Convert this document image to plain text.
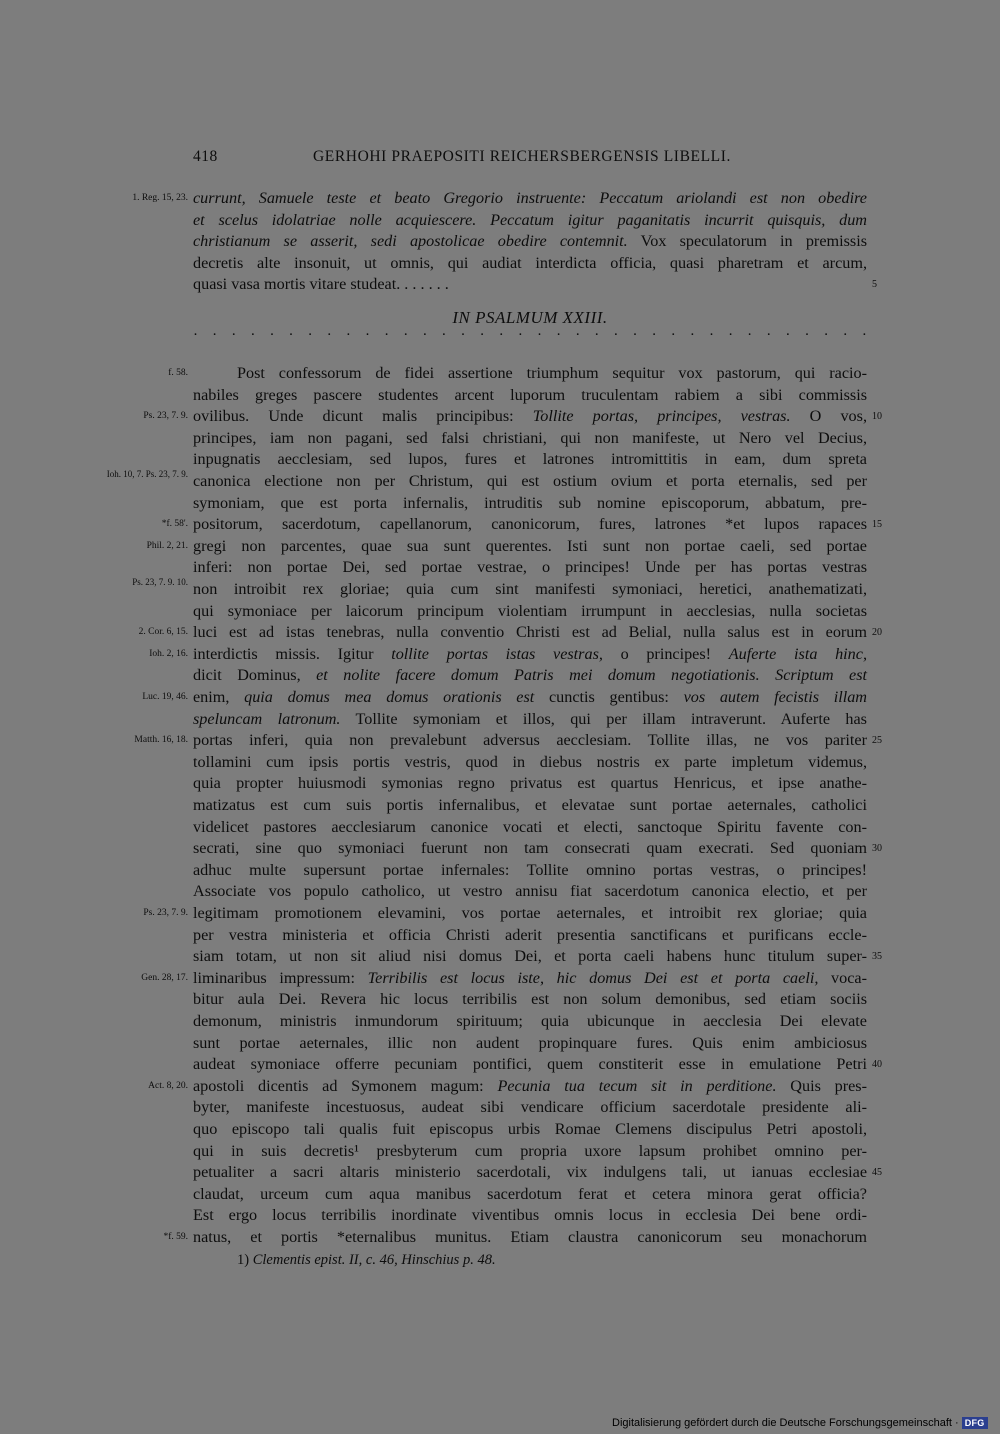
418	GERHOHI PRAEPOSITI REICHERSBERGENSIS LIBELLI.
IN PSALMUM XXIII.
· · · · · · · · · · · · · · · · · · · · · · · · · · · · · · · · · · · ·
currunt, Samuele teste et beato Gregorio instruente: Peccatum ariolandi est non obedire
1. Reg. 15, 23.
et scelus idolatriae nolle acquiescere. Peccatum igitur paganitatis incurrit quisquis, dum
christianum se asserit, sedi apostolicae obedire contemnit. Vox speculatorum in premissis
decretis alte insonuit, ut omnis, qui audiat interdicta officia, quasi pharetram et arcum,
quasi vasa mortis vitare studeat. . . . . . .	5
Post confessorum de fidei assertione triumphum sequitur vox pastorum, qui racio-
f. 58.
nabiles greges pascere studentes arcent luporum truculentam rabiem a sibi commissis
ovilibus. Unde dicunt malis principibus: Tollite portas, principes, vestras. O vos,
Ps. 23, 7. 9.	10
principes, iam non pagani, sed falsi christiani, qui non manifeste, ut Nero vel Decius,
inpugnatis aecclesiam, sed lupos, fures et latrones intromittitis in eam, dum spreta
canonica electione non per Christum, qui est ostium ovium et porta eternalis, sed per
Ioh. 10, 7. Ps. 23, 7. 9.
symoniam, que est porta infernalis, intruditis sub nomine episcoporum, abbatum, pre-
positorum, sacerdotum, capellanorum, canonicorum, fures, latrones *et lupos rapaces
*f. 58'.	15
gregi non parcentes, quae sua sunt querentes. Isti sunt non portae caeli, sed portae
Phil. 2, 21.
inferi: non portae Dei, sed portae vestrae, o principes! Unde per has portas vestras
non introibit rex gloriae; quia cum sint manifesti symoniaci, heretici, anathematizati,
Ps. 23, 7. 9. 10.
qui symoniace per laicorum principum violentiam irrumpunt in aecclesias, nulla societas
luci est ad istas tenebras, nulla conventio Christi est ad Belial, nulla salus est in eorum
2. Cor. 6, 15.	20
interdictis missis. Igitur tollite portas istas vestras, o principes! Auferte ista hinc,
Ioh. 2, 16.
dicit Dominus, et nolite facere domum Patris mei domum negotiationis. Scriptum est
enim, quia domus mea domus orationis est cunctis gentibus: vos autem fecistis illam
Luc. 19, 46.
speluncam latronum. Tollite symoniam et illos, qui per illam intraverunt. Auferte has
portas inferi, quia non prevalebunt adversus aecclesiam. Tollite illas, ne vos pariter
Matth. 16, 18.	25
tollamini cum ipsis portis vestris, quod in diebus nostris ex parte impletum videmus,
quia propter huiusmodi symonias regno privatus est quartus Henricus, et ipse anathe-
matizatus est cum suis portis infernalibus, et elevatae sunt portae aeternales, catholici
videlicet pastores aecclesiarum canonice vocati et electi, sanctoque Spiritu favente con-
secrati, sine quo symoniaci fuerunt non tam consecrati quam execrati. Sed quoniam 30
adhuc multe supersunt portae infernales: Tollite omnino portas vestras, o principes!
Associate vos populo catholico, ut vestro annisu fiat sacerdotum canonica electio, et per
legitimam promotionem elevamini, vos portae aeternales, et introibit rex gloriae; quia
Ps. 23, 7. 9.
per vestra ministeria et officia Christi aderit presentia sanctificans et purificans eccle-
siam totam, ut non sit aliud nisi domus Dei, et porta caeli habens hunc titulum super- 35
liminaribus impressum: Terribilis est locus iste, hic domus Dei est et porta caeli, voca-
Gen. 28, 17.
bitur aula Dei. Revera hic locus terribilis est non solum demonibus, sed etiam sociis
demonum, ministris inmundorum spirituum; quia ubicunque in aecclesia Dei elevate
sunt portae aeternales, illic non audent propinquare fures. Quis enim ambiciosus
audeat symoniace offerre pecuniam pontifici, quem constiterit esse in emulatione Petri 40
apostoli dicentis ad Symonem magum: Pecunia tua tecum sit in perditione. Quis pres-
Act. 8, 20.
byter, manifeste incestuosus, audeat sibi vendicare officium sacerdotale presidente ali-
quo episcopo tali qualis fuit episcopus urbis Romae Clemens discipulus Petri apostoli,
qui in suis decretis¹ presbyterum cum propria uxore lapsum prohibet omnino per-
petualiter a sacri altaris ministerio sacerdotali, vix indulgens tali, ut ianuas ecclesiae 45
claudat, urceum cum aqua manibus sacerdotum ferat et cetera minora gerat officia?
Est ergo locus terribilis inordinate viventibus omnis locus in ecclesia Dei bene ordi-
natus, et portis *eternalibus munitus. Etiam claustra canonicorum seu monachorum
*f. 59.
1) Clementis epist. II, c. 46, Hinschius p. 48.
Digitalisierung gefördert durch die Deutsche Forschungsgemeinschaft · DFG
